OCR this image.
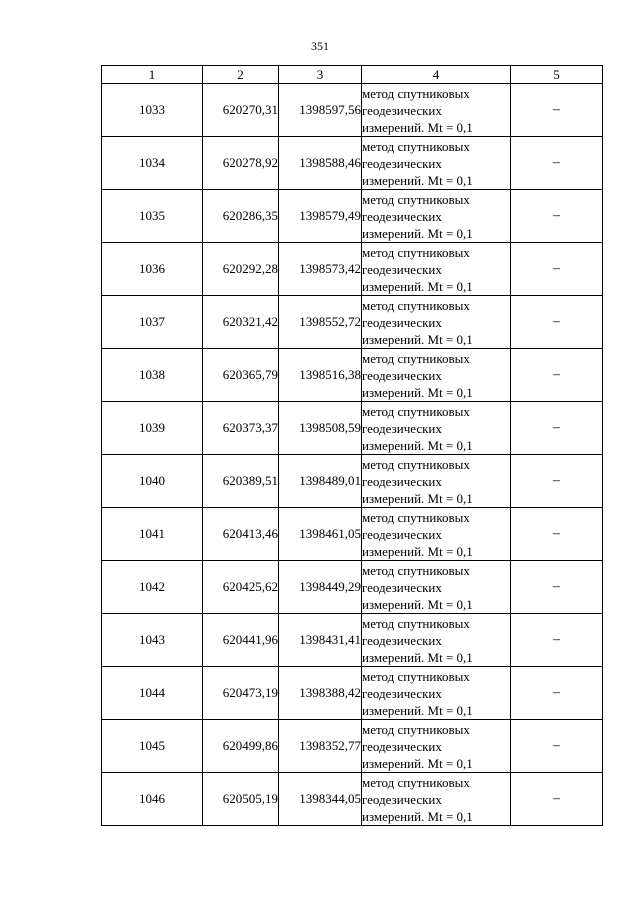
351
1	2	3	4	5
1033	620270,31	1398597,56	метод спутниковых
геодезических
измерений. Mt = 0,1	–
1034	620278,92	1398588,46	метод спутниковых
геодезических
измерений. Mt = 0,1	–
1035	620286,35	1398579,49	метод спутниковых
геодезических
измерений. Mt = 0,1	–
1036	620292,28	1398573,42	метод спутниковых
геодезических
измерений. Mt = 0,1	–
1037	620321,42	1398552,72	метод спутниковых
геодезических
измерений. Mt = 0,1	–
1038	620365,79	1398516,38	метод спутниковых
геодезических
измерений. Mt = 0,1	–
1039	620373,37	1398508,59	метод спутниковых
геодезических
измерений. Mt = 0,1	–
1040	620389,51	1398489,01	метод спутниковых
геодезических
измерений. Mt = 0,1	–
1041	620413,46	1398461,05	метод спутниковых
геодезических
измерений. Mt = 0,1	–
1042	620425,62	1398449,29	метод спутниковых
геодезических
измерений. Mt = 0,1	–
1043	620441,96	1398431,41	метод спутниковых
геодезических
измерений. Mt = 0,1	–
1044	620473,19	1398388,42	метод спутниковых
геодезических
измерений. Mt = 0,1	–
1045	620499,86	1398352,77	метод спутниковых
геодезических
измерений. Mt = 0,1	–
1046	620505,19	1398344,05	метод спутниковых
геодезических
измерений. Mt = 0,1	–
